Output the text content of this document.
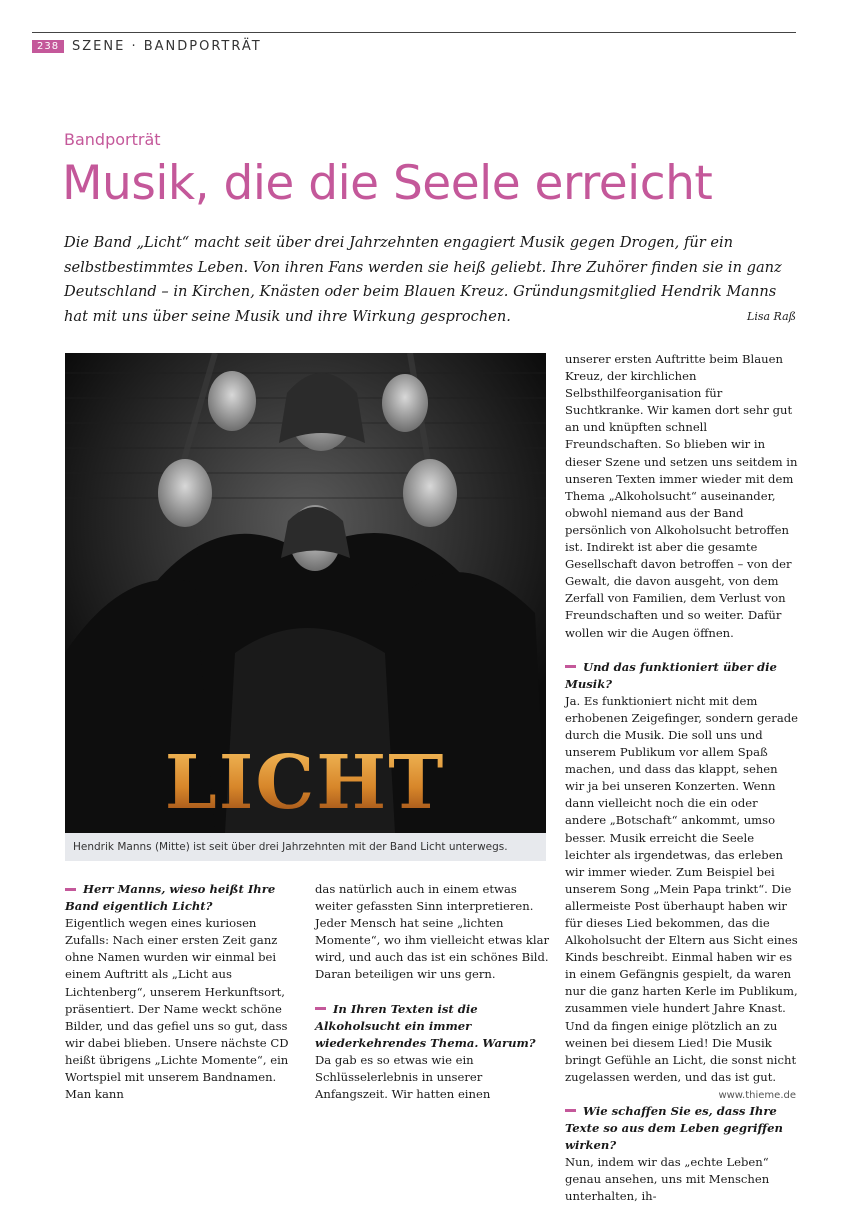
238 SZENE · BANDPORTRÄT
Bandporträt
Musik, die die Seele erreicht
Die Band „Licht“ macht seit über drei Jahrzehnten engagiert Musik gegen Drogen, für ein selbstbestimmtes Leben. Von ihren Fans werden sie heiß geliebt. Ihre Zuhörer finden sie in ganz Deutschland – in Kirchen, Knästen oder beim Blauen Kreuz. Gründungsmitglied Hendrik Manns hat mit uns über seine Musik und ihre Wirkung gesprochen.	Lisa Raß
LICHT
Hendrik Manns (Mitte) ist seit über drei Jahrzehnten mit der Band Licht unterwegs.

Herr Manns, wieso heißt Ihre Band eigentlich Licht?

Eigentlich wegen eines kuriosen Zufalls: Nach einer ersten Zeit ganz ohne Namen wurden wir einmal bei einem Auftritt als „Licht aus Lichtenberg“, unserem Herkunftsort, präsentiert. Der Name weckt schöne Bilder, und das gefiel uns so gut, dass wir dabei blieben. Unsere nächste CD heißt übrigens „Lichte Momente“, ein Wortspiel mit unserem Bandnamen. Man kann

das natürlich auch in einem etwas weiter gefassten Sinn interpretieren. Jeder Mensch hat seine „lichten Momente“, wo ihm vielleicht etwas klar wird, und auch das ist ein schönes Bild. Daran beteiligen wir uns gern.

In Ihren Texten ist die Alkoholsucht ein immer wiederkehrendes Thema. Warum?

Da gab es so etwas wie ein Schlüsselerlebnis in unserer Anfangszeit. Wir hatten einen

unserer ersten Auftritte beim Blauen Kreuz, der kirchlichen Selbsthilfeorganisation für Suchtkranke. Wir kamen dort sehr gut an und knüpften schnell Freundschaften. So blieben wir in dieser Szene und setzen uns seitdem in unseren Texten immer wieder mit dem Thema „Alkoholsucht“ auseinander, obwohl niemand aus der Band persönlich von Alkoholsucht betroffen ist. Indirekt ist aber die gesamte Gesellschaft davon betroffen – von der Gewalt, die davon ausgeht, von dem Zerfall von Familien, dem Verlust von Freundschaften und so weiter. Dafür wollen wir die Augen öffnen.

Und das funktioniert über die Musik?

Ja. Es funktioniert nicht mit dem erhobenen Zeigefinger, sondern gerade durch die Musik. Die soll uns und unserem Publikum vor allem Spaß machen, und dass das klappt, sehen wir ja bei unseren Konzerten. Wenn dann vielleicht noch die ein oder andere „Botschaft“ ankommt, umso besser. Musik erreicht die Seele leichter als irgendetwas, das erleben wir immer wieder. Zum Beispiel bei unserem Song „Mein Papa trinkt“. Die allermeiste Post überhaupt haben wir für dieses Lied bekommen, das die Alkoholsucht der Eltern aus Sicht eines Kinds beschreibt. Einmal haben wir es in einem Gefängnis gespielt, da waren nur die ganz harten Kerle im Publikum, zusammen viele hundert Jahre Knast. Und da fingen einige plötzlich an zu weinen bei diesem Lied! Die Musik bringt Gefühle an Licht, die sonst nicht zugelassen werden, und das ist gut.

Wie schaffen Sie es, dass Ihre Texte so aus dem Leben gegriffen wirken?

Nun, indem wir das „echte Leben“ genau ansehen, uns mit Menschen unterhalten, ih-

www.thieme.de
